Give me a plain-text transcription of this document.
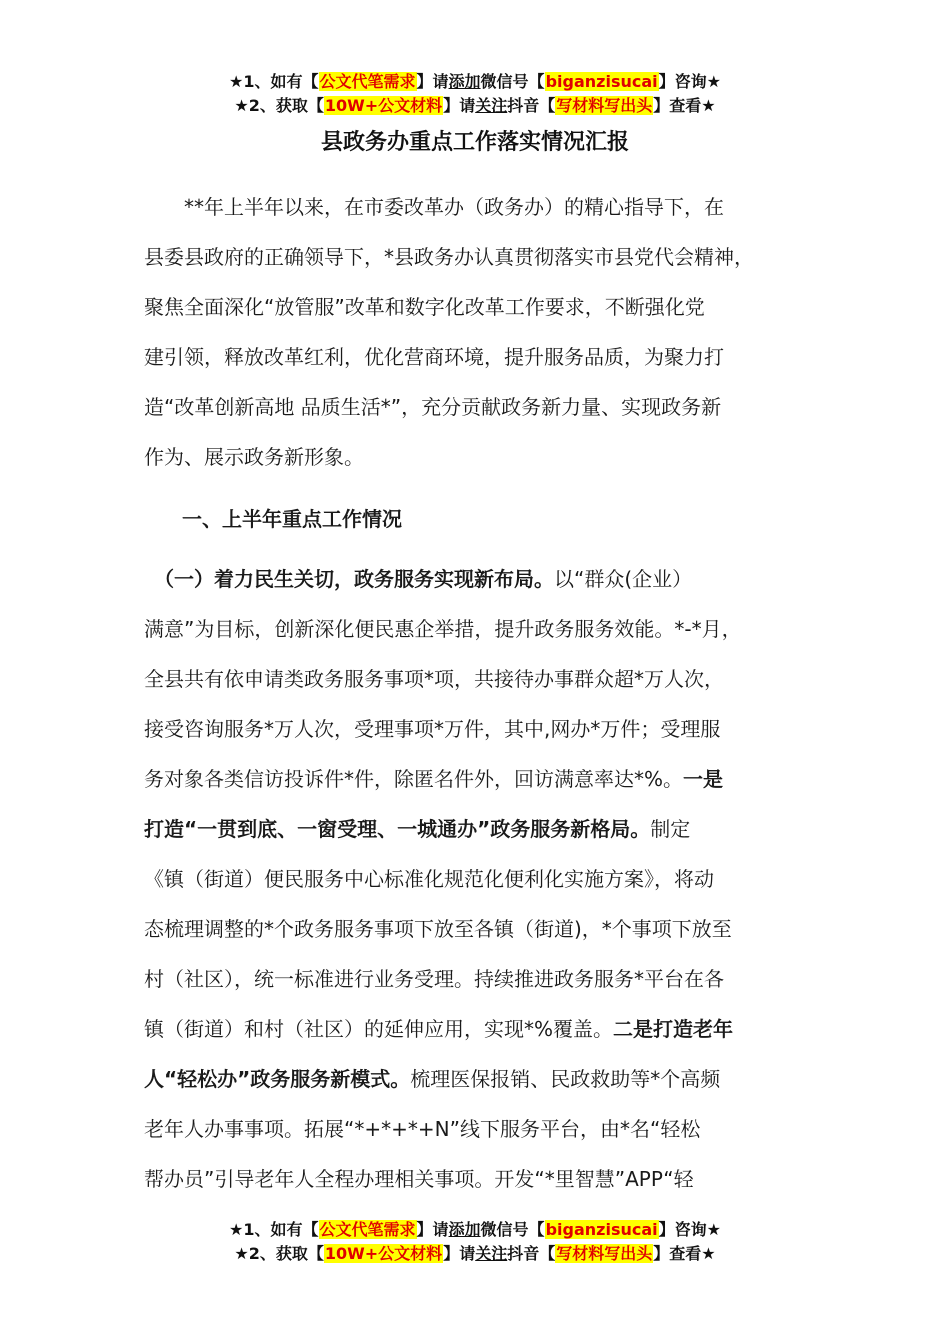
★1、如有【公文代笔需求】请添加微信号【biganzisucai】咨询★
★2、获取【10W+公文材料】请关注抖音【写材料写出头】查看★
县政务办重点工作落实情况汇报
　　**年上半年以来，在市委改革办（政务办）的精心指导下，在
县委县政府的正确领导下，*县政务办认真贯彻落实市县党代会精神，
聚焦全面深化“放管服”改革和数字化改革工作要求，不断强化党
建引领，释放改革红利，优化营商环境，提升服务品质，为聚力打
造“改革创新高地 品质生活*”，充分贡献政务新力量、实现政务新
作为、展示政务新形象。
一、上半年重点工作情况
　（一）着力民生关切，政务服务实现新布局。以“群众(企业）
满意”为目标，创新深化便民惠企举措，提升政务服务效能。*-*月，
全县共有依申请类政务服务事项*项，共接待办事群众超*万人次，
接受咨询服务*万人次，受理事项*万件，其中,网办*万件；受理服
务对象各类信访投诉件*件，除匿名件外，回访满意率达*%。一是
打造“一贯到底、一窗受理、一城通办”政务服务新格局。制定
《镇（街道）便民服务中心标准化规范化便利化实施方案》，将动
态梳理调整的*个政务服务事项下放至各镇（街道)，*个事项下放至
村（社区），统一标准进行业务受理。持续推进政务服务*平台在各
镇（街道）和村（社区）的延伸应用，实现*%覆盖。二是打造老年
人“轻松办”政务服务新模式。梳理医保报销、民政救助等*个高频
老年人办事事项。拓展“*+*+*+N”线下服务平台，由*名“轻松
帮办员”引导老年人全程办理相关事项。开发“*里智慧”APP“轻
★1、如有【公文代笔需求】请添加微信号【biganzisucai】咨询★
★2、获取【10W+公文材料】请关注抖音【写材料写出头】查看★
